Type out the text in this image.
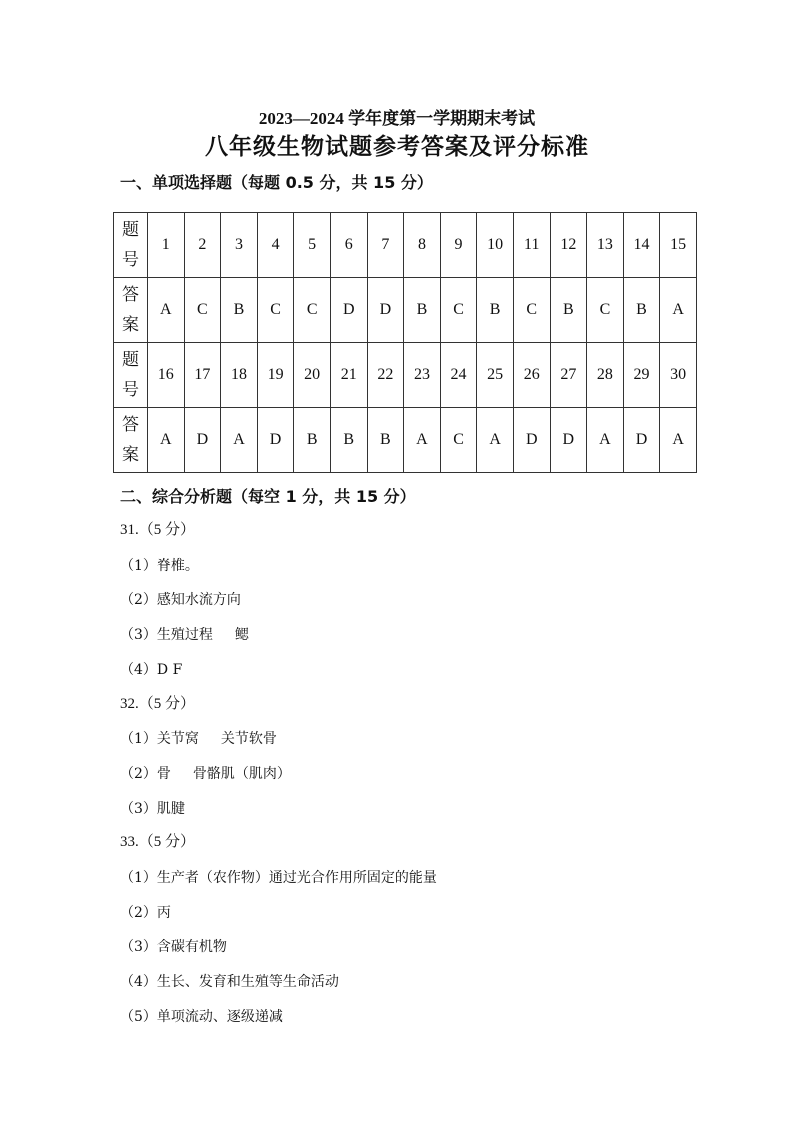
2023—2024 学年度第一学期期末考试
八年级生物试题参考答案及评分标准
一、单项选择题（每题 0.5 分，共 15 分）
题
号	1	2	3	4	5	6	7	8	9	10	11	12	13	14	15

答
案	A	C	B	C	C	D	D	B	C	B	C	B	C	B	A

题
号	16	17	18	19	20	21	22	23	24	25	26	27	28	29	30

答
案	A	D	A	D	B	B	B	A	C	A	D	D	A	D	A
二、综合分析题（每空 1 分，共 15 分）
31.（5 分）
（1）脊椎。
（2）感知水流方向
（3）生殖过程 鳃
（4）D F
32.（5 分）
（1）关节窝 关节软骨
（2）骨 骨骼肌（肌肉）
（3）肌腱
33.（5 分）
（1）生产者（农作物）通过光合作用所固定的能量
（2）丙
（3）含碳有机物
（4）生长、发育和生殖等生命活动
（5）单项流动、逐级递减
